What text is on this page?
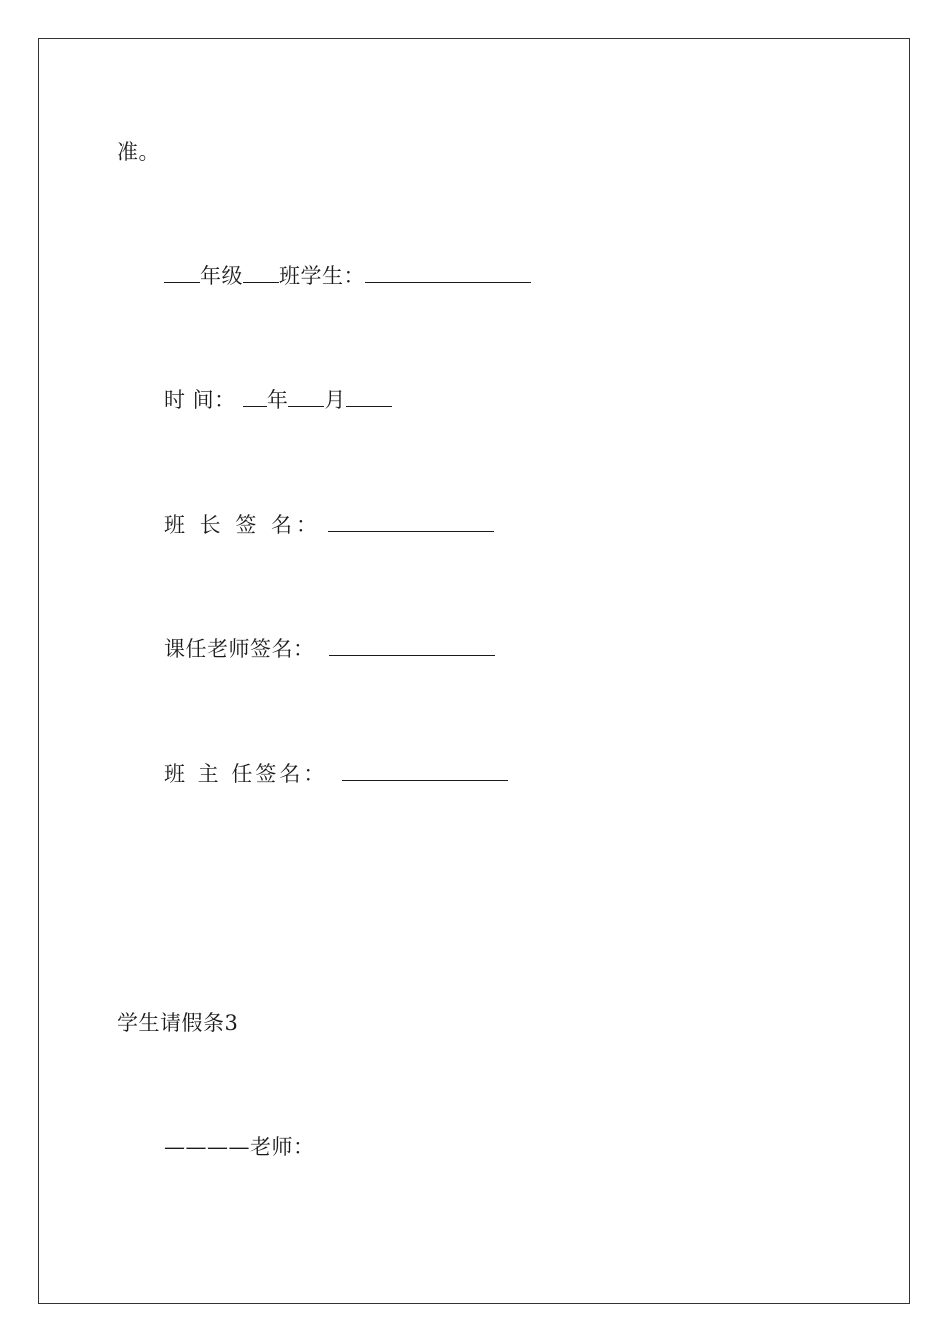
准。
年级 班学生：
时 间： 年 月
班 长 签 名：
课任老师签名：
班 主 任签名：
学生请假条3
————老师：
